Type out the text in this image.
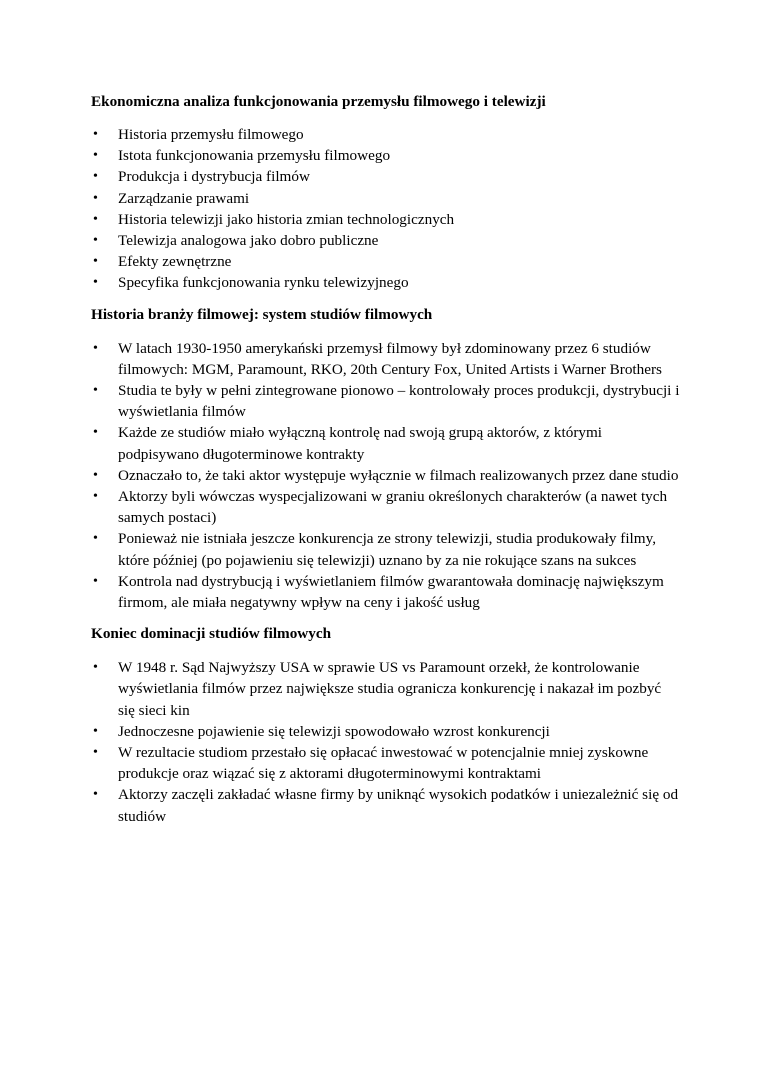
Ekonomiczna analiza funkcjonowania przemysłu filmowego i telewizji
•	Historia przemysłu filmowego
•	Istota funkcjonowania przemysłu filmowego
•	Produkcja i dystrybucja filmów
•	Zarządzanie prawami
•	Historia telewizji jako historia zmian technologicznych
•	Telewizja analogowa jako dobro publiczne
•	Efekty zewnętrzne
•	Specyfika funkcjonowania rynku telewizyjnego
Historia branży filmowej: system studiów filmowych
•	W latach 1930-1950 amerykański przemysł filmowy był zdominowany przez 6 studiów filmowych: MGM, Paramount, RKO, 20th Century Fox, United Artists i Warner Brothers
•	Studia te były w pełni zintegrowane pionowo – kontrolowały proces produkcji, dystrybucji i wyświetlania filmów
•	Każde ze studiów miało wyłączną kontrolę nad swoją grupą aktorów, z którymi podpisywano długoterminowe kontrakty
•	Oznaczało to, że taki aktor występuje wyłącznie w filmach realizowanych przez dane studio
•	Aktorzy byli wówczas wyspecjalizowani w graniu określonych charakterów (a nawet tych samych postaci)
•	Ponieważ nie istniała jeszcze konkurencja ze strony telewizji, studia produkowały filmy, które później (po pojawieniu się telewizji) uznano by za nie rokujące szans na sukces
•	Kontrola nad dystrybucją i wyświetlaniem filmów gwarantowała dominację największym firmom, ale miała negatywny wpływ na ceny i jakość usług
Koniec dominacji studiów filmowych
•	W 1948 r. Sąd Najwyższy USA w sprawie US vs Paramount orzekł, że kontrolowanie wyświetlania filmów przez największe studia ogranicza konkurencję i nakazał im pozbyć się sieci kin
•	Jednoczesne pojawienie się telewizji spowodowało wzrost konkurencji
•	W rezultacie studiom przestało się opłacać inwestować w potencjalnie mniej zyskowne produkcje oraz wiązać się z aktorami długoterminowymi kontraktami
•	Aktorzy zaczęli zakładać własne firmy by uniknąć wysokich podatków i uniezależnić się od studiów
